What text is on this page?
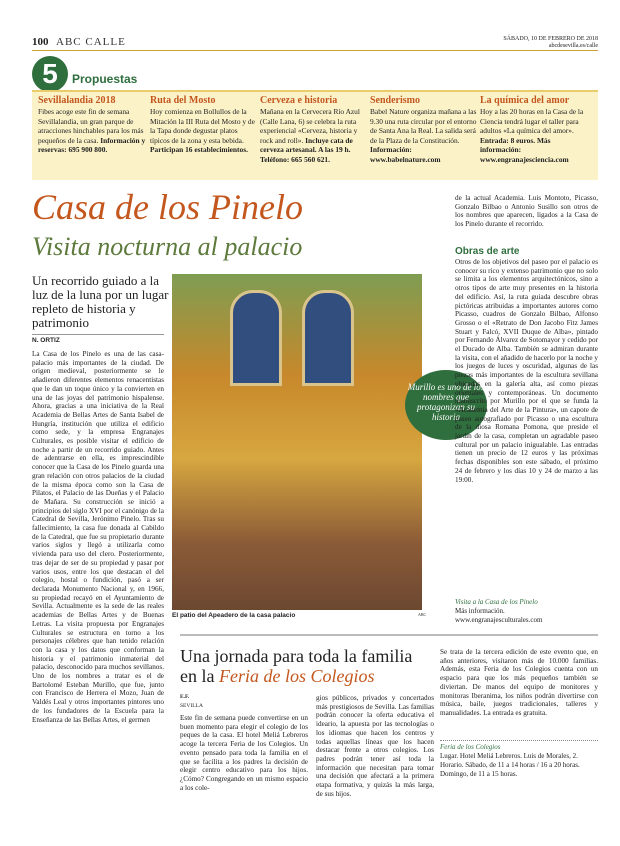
100 ABC CALLE	SÁBADO, 10 DE FEBRERO DE 2018
abcdesevilla.es/calle
5	Propuestas
Sevillalandia 2018
Fibes acoge este fin de semana Sevillalandia, un gran parque de atracciones hinchables para los más pequeños de la casa. Información y reservas: 695 900 800.
Ruta del Mosto
Hoy comienza en Bollullos de la Mitación la III Ruta del Mosto y de la Tapa donde degustar platos típicos de la zona y esta bebida. Participan 16 establecimientos.
Cerveza e historia
Mañana en la Cervecera Río Azul (Calle Lana, 6) se celebra la ruta experiencial «Cerveza, historia y rock and roll». Incluye cata de cerveza artesanal. A las 19 h. Teléfono: 665 560 621.
Senderismo
Babel Nature organiza mañana a las 9.30 una ruta circular por el entorno de Santa Ana la Real. La salida será de la Plaza de la Constitución. Información: www.babelnature.com
La química del amor
Hoy a las 20 horas en la Casa de la Ciencia tendrá lugar el taller para adultos «La química del amor». Entrada: 8 euros. Más información: www.engranajesciencia.com
Casa de los Pinelo
Visita nocturna al palacio
Un recorrido guiado a la luz de la luna por un lugar repleto de historia y patrimonio
N. ORTIZ
La Casa de los Pinelo es una de las casa-palacio más importantes de la ciudad. De origen medieval, posteriormente se le añadieron diferentes elementos renacentistas que le dan un toque único y la convierten en una de las joyas del patrimonio hispalense. Ahora, gracias a una iniciativa de la Real Academia de Bellas Artes de Santa Isabel de Hungría, institución que utiliza el edificio como sede, y la empresa Engranajes Culturales, es posible visitar el edificio de noche a partir de un recorrido guiado. Antes de adentrarse en ella, es imprescindible conocer que la Casa de los Pinelo guarda una gran relación con otros palacios de la ciudad de la misma época como son la Casa de Pilatos, el Palacio de las Dueñas y el Palacio de Mañara. Su construcción se inició a principios del siglo XVI por el canónigo de la Catedral de Sevilla, Jerónimo Pinelo. Tras su fallecimiento, la casa fue donada al Cabildo de la Catedral, que fue su propietario durante varios siglos y llegó a utilizarla como vivienda para uso del clero. Posteriormente, tras dejar de ser de su propiedad y pasar por varios usos, entre los que destacan el del colegio, hostal o fundición, pasó a ser declarada Monumento Nacional y, en 1966, su propiedad recayó en el Ayuntamiento de Sevilla. Actualmente es la sede de las reales academias de Bellas Artes y de Buenas Letras. La visita propuesta por Engranajes Culturales se estructura en torno a los personajes célebres que han tenido relación con la casa y los datos que conforman la historia y el patrimonio inmaterial del palacio, desconocido para muchos sevillanos. Uno de los nombres a tratar es el de Bartolomé Esteban Murillo, que fue, junto con Francisco de Herrera el Mozo, Juan de Valdés Leal y otros importantes pintores uno de los fundadores de la Escuela para la Enseñanza de las Bellas Artes, el germen
Murillo es uno de los nombres que protagonizan su historia
El patio del Apeadero de la casa palacio	ABC
de la actual Academia. Luis Montoto, Picasso, Gonzalo Bilbao o Antonio Susillo son otros de los nombres que aparecen, ligados a la Casa de los Pinelo durante el recorrido.
Obras de arte
Otros de los objetivos del paseo por el palacio es conocer su rico y extenso patrimonio que no solo se limita a los elementos arquitectónicos, sino a otros tipos de arte muy presentes en la historia del edificio. Así, la ruta guiada descubre obras pictóricas atribuidas a importantes autores como Picasso, cuadros de Gonzalo Bilbao, Alfonso Grosso o el «Retrato de Don Jacobo Fitz James Stuart y Falcó, XVII Duque de Alba», pintado por Fernando Álvarez de Sotomayor y cedido por el Ducado de Alba. También se admiran durante la visita, con el añadido de hacerlo por la noche y los juegos de luces y oscuridad, algunas de las piezas más importantes de la escultura sevillana ubicadas en la galería alta, así como piezas orientales y contemporáneas. Un documento manuscrito por Murillo por el que se funda la «Academia del Arte de la Pintura», un capote de paseo autografiado por Picasso o una escultura de la diosa Romana Pomona, que preside el jardín de la casa, completan un agradable paseo cultural por un palacio inigualable. Las entradas tienen un precio de 12 euros y las próximas fechas disponibles son este sábado, el próximo 24 de febrero y los días 10 y 24 de marzo a las 19:00.
Visita a la Casa de los Pinelo
Más información.
www.engranajesculturales.com
Una jornada para toda la familia
en la Feria de los Colegios
E.F.
SEVILLA
Este fin de semana puede convertirse en un buen momento para elegir el colegio de los peques de la casa. El hotel Meliá Lebreros acoge la tercera Feria de los Colegios. Un evento pensado para toda la familia en el que se facilita a los padres la decisión de elegir centro educativo para los hijos. ¿Cómo? Congregando en un mismo espacio a los cole-
gios públicos, privados y concertados más prestigiosos de Sevilla. Las familias podrán conocer la oferta educativa el ideario, la apuesta por las tecnologías o los idiomas que hacen los centros y todas aquellas líneas que los hacen destacar frente a otros colegios. Los padres podrán tener así toda la información que necesitan para tomar una decisión que afectará a la primera etapa formativa, y quizás la más larga, de sus hijos.
Se trata de la tercera edición de este evento que, en años anteriores, visitaron más de 10.000 familias. Además, esta Feria de los Colegios cuenta con un espacio para que los más pequeños también se diviertan. De manos del equipo de monitores y monitoras Iberanima, los niños podrán divertirse con música, baile, juegos tradicionales, talleres y manualidades. La entrada es gratuita.
Feria de los Colegios
Lugar. Hotel Meliá Lebreros. Luis de Morales, 2.
Horario. Sábado, de 11 a 14 horas / 16 a 20 horas. Domingo, de 11 a 15 horas.
